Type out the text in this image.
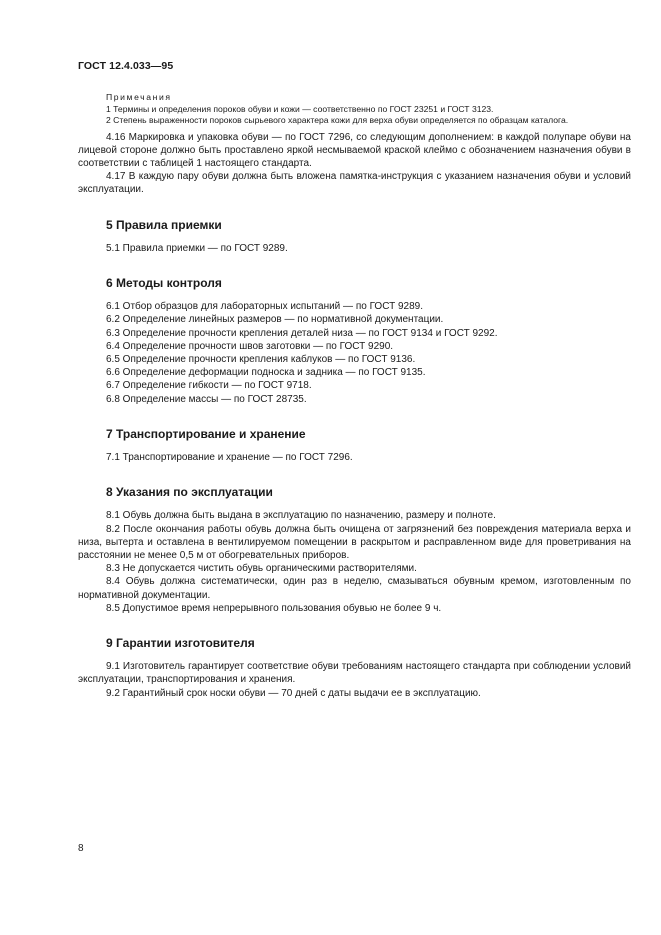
ГОСТ 12.4.033—95

Примечания

1 Термины и определения пороков обуви и кожи — соответственно по ГОСТ 23251 и ГОСТ 3123.

2 Степень выраженности пороков сырьевого характера кожи для верха обуви определяется по образцам каталога.

4.16 Маркировка и упаковка обуви — по ГОСТ 7296, со следующим дополнением: в каждой полупаре обуви на лицевой стороне должно быть проставлено яркой несмываемой краской клеймо с обозначением назначения обуви в соответствии с таблицей 1 настоящего стандарта.

4.17 В каждую пару обуви должна быть вложена памятка-инструкция с указанием назначения обуви и условий эксплуатации.

5 Правила приемки

5.1 Правила приемки — по ГОСТ 9289.

6 Методы контроля

6.1 Отбор образцов для лабораторных испытаний — по ГОСТ 9289.

6.2 Определение линейных размеров — по нормативной документации.

6.3 Определение прочности крепления деталей низа — по ГОСТ 9134 и ГОСТ 9292.

6.4 Определение прочности швов заготовки — по ГОСТ 9290.

6.5 Определение прочности крепления каблуков — по ГОСТ 9136.

6.6 Определение деформации подноска и задника — по ГОСТ 9135.

6.7 Определение гибкости — по ГОСТ 9718.

6.8 Определение массы — по ГОСТ 28735.

7 Транспортирование и хранение

7.1 Транспортирование и хранение — по ГОСТ 7296.

8 Указания по эксплуатации

8.1 Обувь должна быть выдана в эксплуатацию по назначению, размеру и полноте.

8.2 После окончания работы обувь должна быть очищена от загрязнений без повреждения материала верха и низа, вытерта и оставлена в вентилируемом помещении в раскрытом и расправленном виде для проветривания на расстоянии не менее 0,5 м от обогревательных приборов.

8.3 Не допускается чистить обувь органическими растворителями.

8.4 Обувь должна систематически, один раз в неделю, смазываться обувным кремом, изготовленным по нормативной документации.

8.5 Допустимое время непрерывного пользования обувью не более 9 ч.

9 Гарантии изготовителя

9.1 Изготовитель гарантирует соответствие обуви требованиям настоящего стандарта при соблюдении условий эксплуатации, транспортирования и хранения.

9.2 Гарантийный срок носки обуви — 70 дней с даты выдачи ее в эксплуатацию.

8
